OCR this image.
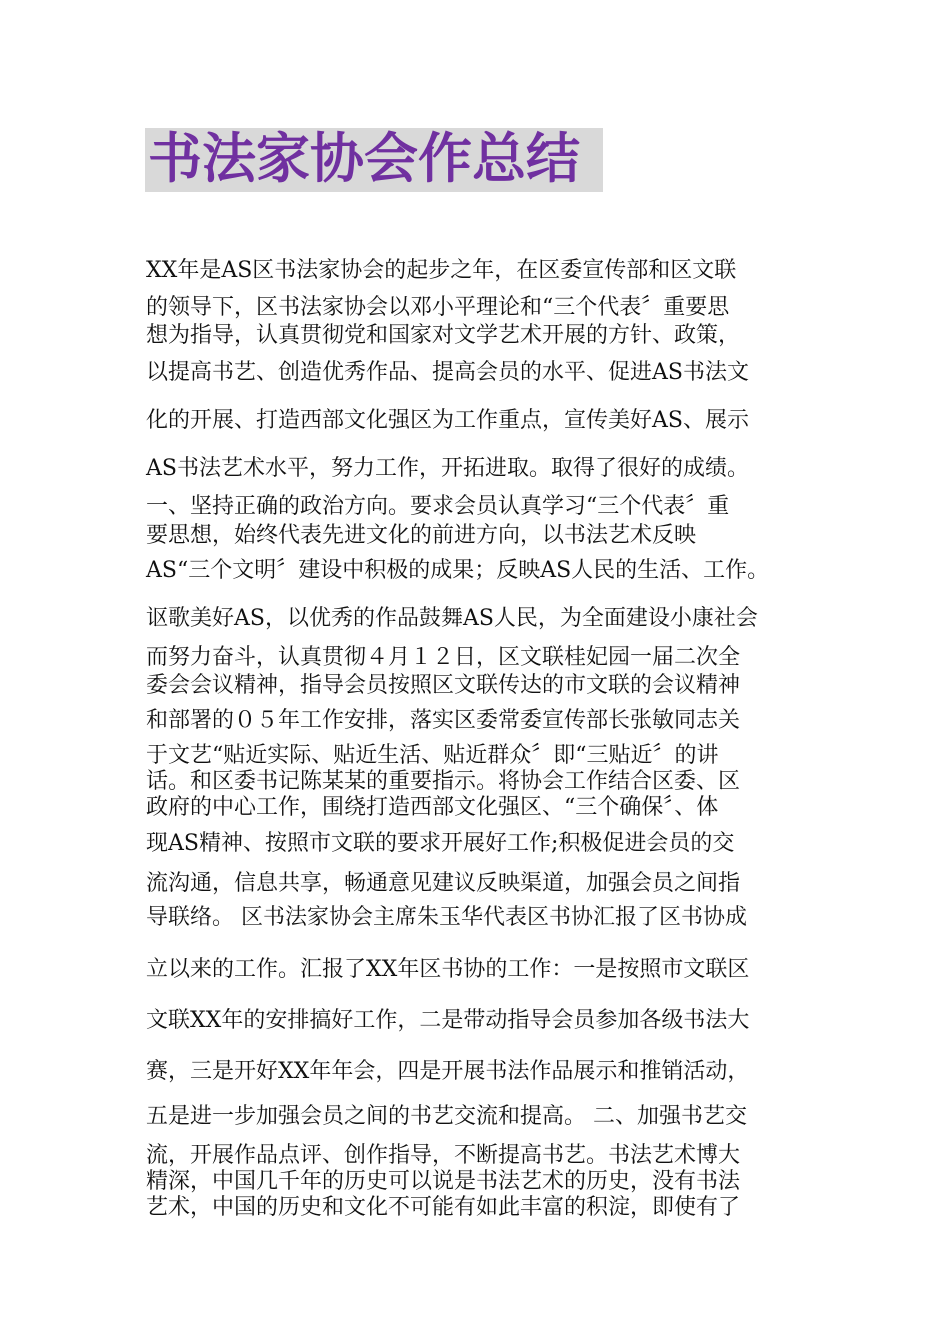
书法家协会作总结

XX年是AS区书法家协会的起步之年，在区委宣传部和区文联

的领导下，区书法家协会以邓小平理论和“三个代表〞重要思

想为指导，认真贯彻党和国家对文学艺术开展的方针、政策，

以提高书艺、创造优秀作品、提高会员的水平、促进AS书法文

化的开展、打造西部文化强区为工作重点，宣传美好AS、展示

AS书法艺术水平，努力工作，开拓进取。取得了很好的成绩。

一、坚持正确的政治方向。要求会员认真学习“三个代表〞重

要思想，始终代表先进文化的前进方向，以书法艺术反映

AS“三个文明〞建设中积极的成果；反映AS人民的生活、工作。

讴歌美好AS，以优秀的作品鼓舞AS人民，为全面建设小康社会

而努力奋斗，认真贯彻４月１２日，区文联桂妃园一届二次全

委会会议精神，指导会员按照区文联传达的市文联的会议精神

和部署的０５年工作安排，落实区委常委宣传部长张敏同志关

于文艺“贴近实际、贴近生活、贴近群众〞即“三贴近〞的讲

话。和区委书记陈某某的重要指示。将协会工作结合区委、区

政府的中心工作，围绕打造西部文化强区、“三个确保〞、体

现AS精神、按照市文联的要求开展好工作;积极促进会员的交

流沟通，信息共享，畅通意见建议反映渠道，加强会员之间指

导联络。 区书法家协会主席朱玉华代表区书协汇报了区书协成

立以来的工作。汇报了XX年区书协的工作：一是按照市文联区

文联XX年的安排搞好工作，二是带动指导会员参加各级书法大

赛，三是开好XX年年会，四是开展书法作品展示和推销活动，

五是进一步加强会员之间的书艺交流和提高。 二、加强书艺交

流，开展作品点评、创作指导，不断提高书艺。书法艺术博大

精深，中国几千年的历史可以说是书法艺术的历史，没有书法

艺术，中国的历史和文化不可能有如此丰富的积淀，即使有了
